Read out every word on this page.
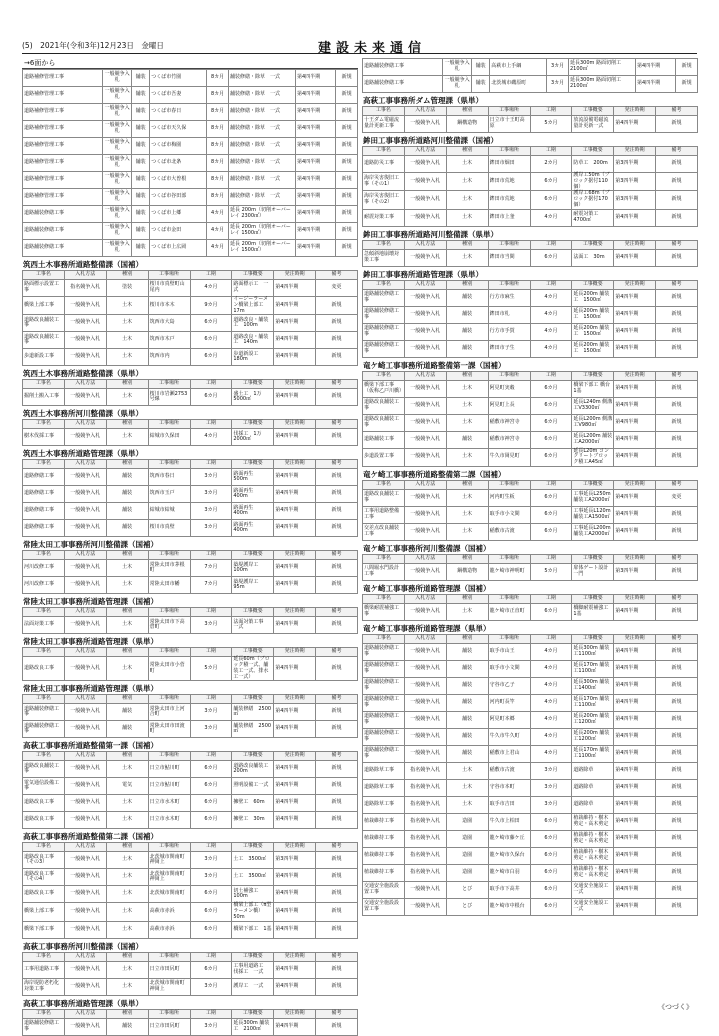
(5)　2021年(令和3年)12月23日　金曜日	建設未来通信
→6面から
道路補修管理工事	一般競争入札	舗装	つくば市竹園	8カ月	舗装修繕・除草　一式	第4四半期	新規
道路補修管理工事	一般競争入札	舗装	つくば市吾妻	8カ月	舗装修繕・除草　一式	第4四半期	新規
道路補修管理工事	一般競争入札	舗装	つくば市春日	8カ月	舗装修繕・除草　一式	第4四半期	新規
道路補修管理工事	一般競争入札	舗装	つくば市天久保	8カ月	舗装修繕・除草　一式	第4四半期	新規
道路補修管理工事	一般競争入札	舗装	つくば市梅園	8カ月	舗装修繕・除草　一式	第4四半期	新規
道路補修管理工事	一般競争入札	舗装	つくば市北条	8カ月	舗装修繕・除草　一式	第4四半期	新規
道路補修管理工事	一般競争入札	舗装	つくば市大曽根	8カ月	舗装修繕・除草　一式	第4四半期	新規
道路補修管理工事	一般競争入札	舗装	つくば市谷田部	8カ月	舗装修繕・除草　一式	第4四半期	新規
道路舗装修繕工事	一般競争入札	舗装	つくば市上郷	4カ月	延長 200m（切削オーバーレイ 2300㎡）	第4四半期	新規
道路舗装修繕工事	一般競争入札	舗装	つくば市金田	4カ月	延長 200m（切削オーバーレイ 1500㎡）	第4四半期	新規
道路舗装修繕工事	一般競争入札	舗装	つくば市上広岡	4カ月	延長 200m（切削オーバーレイ 1500㎡）	第4四半期	新規
筑西土木事務所道路整備課（国補）
工事名	入札方法	種別	工事場所	工期	工事概要	発注時期	備考
路面標示設置工事	指名競争入札	塗装	桜川市真壁町山尾内	4カ月	路面標示工　一式	第4四半期	変更
橋梁上部工事	一般競争入札	土木	桜川市本木	9カ月	イージーラーメン橋梁上部工 17m	第4四半期	新規
道路改良舗装工事	一般競争入札	土木	筑西市大島	6カ月	道路改良・舗装工　100m	第4四半期	新規
道路改良舗装工事	一般競争入札	土木	筑西市木戸	6カ月	道路改良・舗装工　140m	第4四半期	新規
歩道新設工事	一般競争入札	土木	筑西市内	6カ月	歩道新設工　180m	第4四半期	新規
筑西土木事務所道路整備課（県単）
工事名	入札方法	種別	工事場所	工期	工事概要	発注時期	備考
掘削土搬入工事	一般競争入札	土木	桜川市岩瀬2753号線	6カ月	盛土工　1万5000㎥	第4四半期	新規
筑西土木事務所河川整備課（県単）
工事名	入札方法	種別	工事場所	工期	工事概要	発注時期	備考
樹木伐採工事	一般競争入札	土木	結城市久保田	4カ月	伐採工　1万2000㎡	第4四半期	新規
筑西土木事務所道路管理課（県単）
工事名	入札方法	種別	工事場所	工期	工事概要	発注時期	備考
道路修繕工事	一般競争入札	舗装	筑西市春日	3カ月	路面再生　500m	第4四半期	新規
道路修繕工事	一般競争入札	舗装	筑西市玉戸	3カ月	路面再生　400m	第4四半期	新規
道路修繕工事	一般競争入札	舗装	結城市結城	3カ月	路面再生　400m	第4四半期	新規
道路修繕工事	一般競争入札	舗装	桜川市真壁	3カ月	路面再生　400m	第4四半期	新規
常陸太田工事事務所河川整備課（国補）
工事名	入札方法	種別	工事場所	工期	工事概要	発注時期	備考
河川改修工事	一般競争入札	土木	常陸太田市茅根町	7カ月	築堤護岸工　100m	第4四半期	新規
河川改修工事	一般競争入札	土木	常陸太田市幡	7カ月	築堤護岸工　95m	第4四半期	新規
常陸太田工事事務所道路管理課（国補）
工事名	入札方法	種別	工事場所	工期	工事概要	発注時期	備考
法面対策工事	一般競争入札	土木	常陸太田市下高倉町	3カ月	法面対策工事　一式	第4四半期	新規
常陸太田工事事務所道路管理課（県単）
工事名	入札方法	種別	工事場所	工期	工事概要	発注時期	備考
道路改良工事	一般競争入札	土木	常陸太田市小菅町	5カ月	延長60m（ブロック積一式、舗装工一式、排水工一式）	第4四半期	新規
常陸太田工事事務所道路管理課（県単）
工事名	入札方法	種別	工事場所	工期	工事概要	発注時期	備考
道路舗装修繕工事	一般競争入札	舗装	常陸太田市上河合町	3カ月	舗装修繕　2500㎡	第4四半期	新規
道路舗装修繕工事	一般競争入札	舗装	常陸太田市田渡町	3カ月	舗装修繕　2500㎡	第4四半期	新規
高萩工事事務所道路整備第一課（国補）
工事名	入札方法	種別	工事場所	工期	工事概要	発注時期	備考
道路改良舗装工事	一般競争入札	土木	日立市鮎川町	6カ月	道路改良舗装工　200m	第4四半期	新規
電気通信設備工事	一般競争入札	電気	日立市鮎川町	6カ月	照明設備工一式	第4四半期	新規
道路改良工事	一般競争入札	土木	日立市水木町	6カ月	擁壁工　60m	第4四半期	新規
道路改良工事	一般競争入札	土木	日立市水木町	6カ月	擁壁工　30m	第4四半期	新規
高萩工事事務所道路整備第二課（国補）
工事名	入札方法	種別	工事場所	工期	工事概要	発注時期	備考
道路改良工事（その3）	一般競争入札	土木	北茨城市関南町神岡上	3カ月	土工　3500㎥	第3四半期	新規
道路改良工事（その4）	一般競争入札	土木	北茨城市関南町神岡上	3カ月	土工　3500㎥	第4四半期	新規
道路改良工事	一般競争入札	土木	北茨城市関南町	6カ月	切土補強工　100m	第4四半期	新規
橋梁上部工事	一般競争入札	土木	高萩市赤浜	6カ月	橋梁上部工（π型ラーメン橋）50m	第4四半期	新規
橋梁下部工事	一般競争入札	土木	高萩市赤浜	6カ月	橋梁下部工　1基	第4四半期	新規
高萩工事事務所河川整備課（国補）
工事名	入札方法	種別	工事場所	工期	工事概要	発注時期	備考
工事用道路工事	一般競争入札	土木	日立市田尻町	6カ月	工事用道路工　伐採工　一式	第4四半期	新規
海岸堤防老朽化対策工事	一般競争入札	土木	北茨城市関南町神岡上	3カ月	護岸工　一式	第4四半期	新規
高萩工事事務所道路管理課（県単）
工事名	入札方法	種別	工事場所	工期	工事概要	発注時期	備考
道路舗装修繕工事	一般競争入札	舗装	日立市田尻町	3カ月	延長300m 舗装工　2100㎡	第4四半期	新規
道路舗装修繕工事	一般競争入札	舗装	高萩市上手綱	3カ月	延長300m 路面切削工 2100㎡	第4四半期	新規
道路舗装修繕工事	一般競争入札	舗装	北茨城市磯原町	3カ月	延長300m 路面切削工 2100㎡	第4四半期	新規
高萩工事事務所ダム管理課（県単）
工事名	入札方法	種別	工事場所	工期	工事概要	発注時期	備考
十王ダム電磁流量計更新工事	一般競争入札	鋼構造物	日立市十王町高原	5カ月	放流設備電磁流量計更新一式	第4四半期	新規
鉾田工事事務所道路河川整備課（国補）
工事名	入札方法	種別	工事場所	工期	工事概要	発注時期	備考
道路防災工事	一般競争入札	土木	鉾田市烟田	2カ月	防草工　200m	第3四半期	新規
海岸災害復旧工事（その1）	一般競争入札	土木	鉾田市荒地	6カ月	護岸工50m（ブロック据付110個）	第3四半期	新規
海岸災害復旧工事（その2）	一般競争入札	土木	鉾田市荒地	6カ月	護岸工68m（ブロック据付170個）	第3四半期	新規
耐震対策工事	一般競争入札	土木	鉾田市上釜	4カ月	耐震対策工　4700㎡	第4四半期	新規
鉾田工事事務所道路河川整備課（県単）
工事名	入札方法	種別	工事場所	工期	工事概要	発注時期	備考
急傾斜地崩壊対策工事	一般競争入札	土木	鉾田市当間	6カ月	法面工　30m	第4四半期	新規
鉾田工事事務所道路管理課（県単）
工事名	入札方法	種別	工事場所	工期	工事概要	発注時期	備考
道路舗装修繕工事	一般競争入札	舗装	行方市麻生	4カ月	延長200m 舗装工　1500㎡	第4四半期	新規
道路舗装修繕工事	一般競争入札	舗装	鉾田市札	4カ月	延長200m 舗装工　1500㎡	第4四半期	新規
道路舗装修繕工事	一般競争入札	舗装	行方市手賀	4カ月	延長200m 舗装工　1500㎡	第4四半期	新規
道路舗装修繕工事	一般競争入札	舗装	鉾田市子生	4カ月	延長200m 舗装工　1500㎡	第4四半期	新規
竜ケ崎工事事務所道路整備第一課（国補）
工事名	入札方法	種別	工事場所	工期	工事概要	発注時期	備考
橋梁下部工事（仮称乙戸川橋）	一般競争入札	土木	阿見町実穀	6カ月	橋梁下部工 橋台1基	第4四半期	新規
道路改良舗装工事	一般競争入札	土木	阿見町上長	6カ月	延長L240m 側溝工V3300㎡	第4四半期	新規
道路改良舗装工事	一般競争入札	土木	稲敷市神宮寺	6カ月	延長L200m 側溝工V980㎡	第4四半期	新規
道路舗装工事	一般競争入札	舗装	稲敷市神宮寺	6カ月	延長L200m 舗装工A2000㎡	第4四半期	新規
歩道設置工事	一般競争入札	土木	牛久市岡見町	6カ月	延長L20m コンクリートブロック積工A45㎡	第4四半期	新規
竜ケ崎工事事務所道路整備第二課（国補）
工事名	入札方法	種別	工事場所	工期	工事概要	発注時期	備考
道路改良舗装工事	一般競争入札	土木	河内町生板	6カ月	工事延長L250m 舗装工A2000㎡	第4四半期	変更
工事用道路整備工事	一般競争入札	土木	取手市小文間	6カ月	工事延長L120m 舗装工A1500㎡	第4四半期	新規
交差点改良舗装工事	一般競争入札	土木	稲敷市古渡	6カ月	工事延長L200m 舗装工A2000㎡	第4四半期	新規
竜ケ崎工事事務所河川整備課（国補）
工事名	入札方法	種別	工事場所	工期	工事概要	発注時期	備考
八間堀水門設計工事	一般競争入札	鋼構造物	龍ケ崎市神明町	5カ月	扉体ゲート設計　一門	第3四半期	新規
竜ケ崎工事事務所道路管理課（国補）
工事名	入札方法	種別	工事場所	工期	工事概要	発注時期	備考
橋梁耐震補強工事	一般競争入札	土木	龍ケ崎市正直町	6カ月	橋脚耐震補強工　1基	第4四半期	新規
竜ケ崎工事事務所道路管理課（県単）
工事名	入札方法	種別	工事場所	工期	工事概要	発注時期	備考
道路舗装修繕工事	一般競争入札	舗装	取手市山王	4カ月	延長300m 舗装工1100㎡	第4四半期	新規
道路舗装修繕工事	一般競争入札	舗装	取手市小文間	4カ月	延長170m 舗装工1100㎡	第4四半期	新規
道路舗装修繕工事	一般競争入札	舗装	守谷市乙子	4カ月	延長300m 舗装工1400㎡	第4四半期	新規
道路舗装修繕工事	一般競争入札	舗装	河内町長竿	4カ月	延長170m 舗装工1100㎡	第4四半期	新規
道路舗装修繕工事	一般競争入札	舗装	阿見町本郷	4カ月	延長200m 舗装工1200㎡	第4四半期	新規
道路舗装修繕工事	一般競争入札	舗装	牛久市牛久町	4カ月	延長200m 舗装工1200㎡	第4四半期	新規
道路舗装修繕工事	一般競争入札	舗装	稲敷市上君山	4カ月	延長170m 舗装工1100㎡	第4四半期	新規
道路除草工事	指名競争入札	土木	稲敷市古渡	3カ月	道路除草	第4四半期	新規
道路除草工事	指名競争入札	土木	守谷市本町	3カ月	道路除草	第4四半期	新規
道路除草工事	指名競争入札	土木	取手市吉田	3カ月	道路除草	第4四半期	新規
植栽維持工事	指名競争入札	造園	牛久市上柏田	6カ月	植栽維持・樹木剪定・高木剪定	第4四半期	新規
植栽維持工事	指名競争入札	造園	龍ケ崎市藤ケ丘	6カ月	植栽維持・樹木剪定・高木剪定	第4四半期	新規
植栽維持工事	指名競争入札	造園	龍ケ崎市久保台	6カ月	植栽維持・樹木剪定・高木剪定	第4四半期	新規
植栽維持工事	指名競争入札	造園	龍ケ崎市白羽	6カ月	植栽維持・樹木剪定・高木剪定	第4四半期	新規
交通安全施設設置工事	一般競争入札	とび	取手市下高井	6カ月	交通安全施設工　一式	第4四半期	新規
交通安全施設設置工事	一般競争入札	とび	龍ケ崎市中根台	6カ月	交通安全施設工　一式	第4四半期	新規
《つづく》
